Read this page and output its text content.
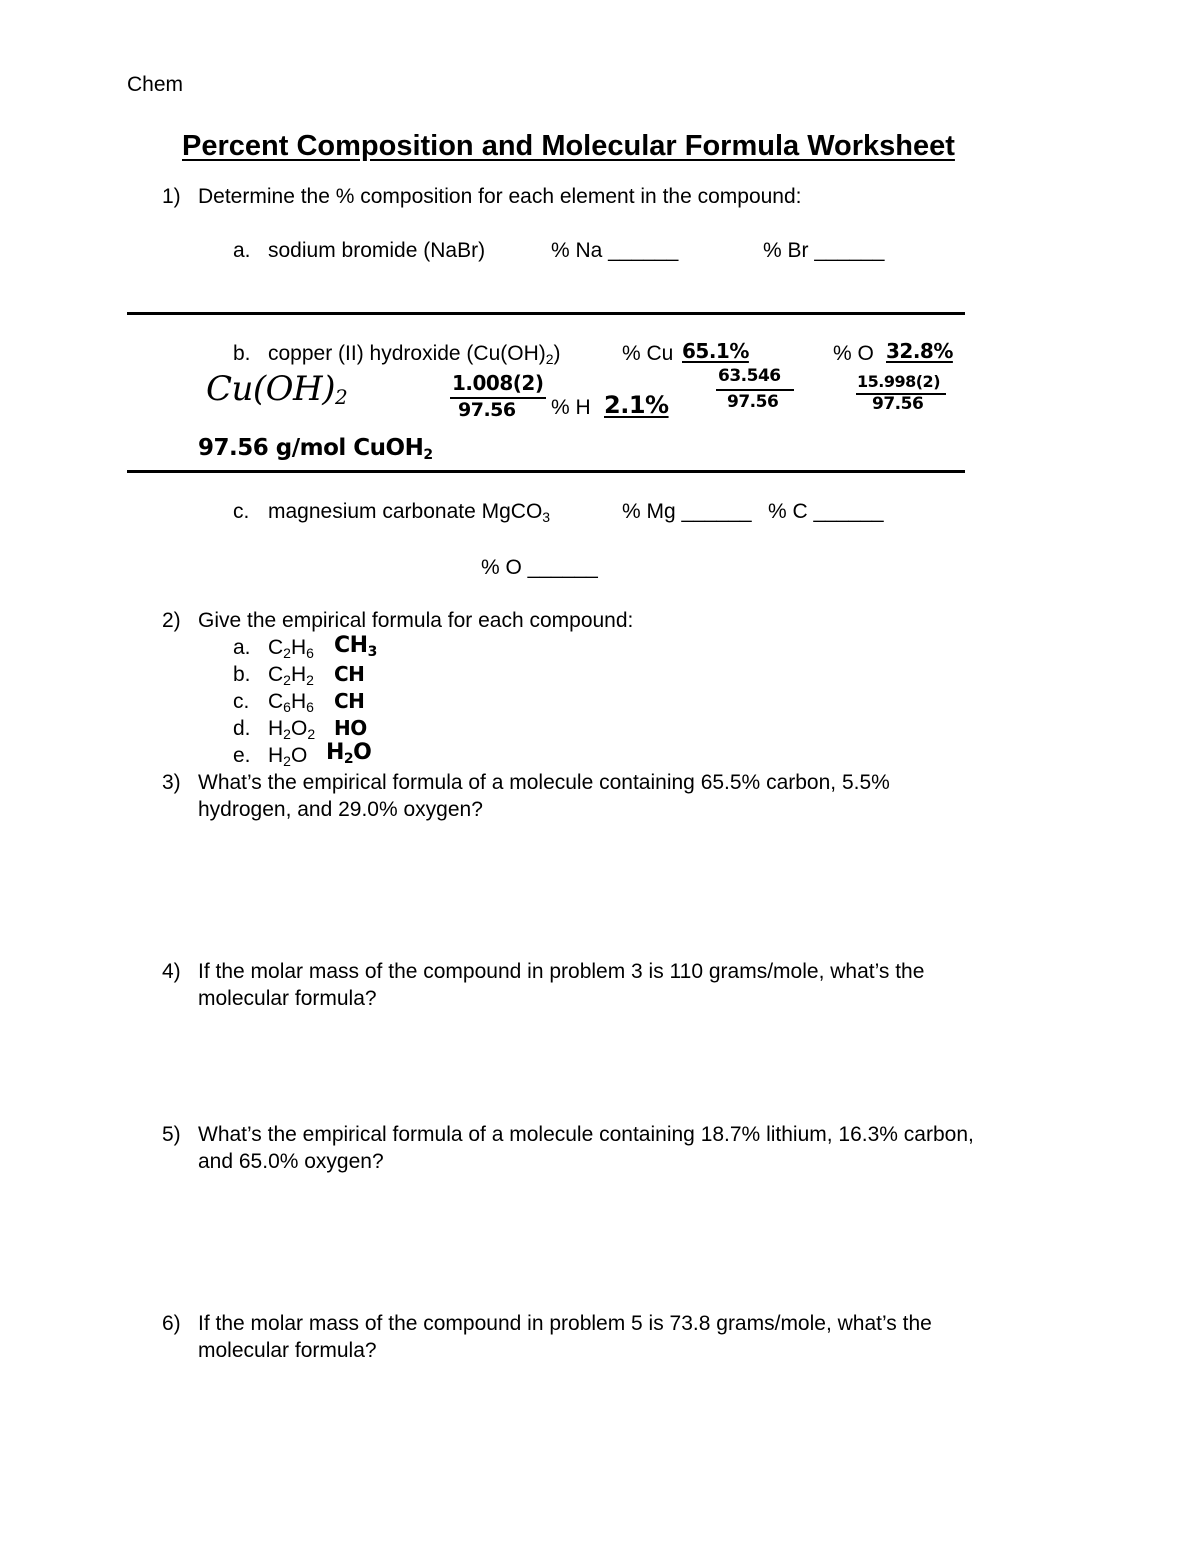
Chem
Percent Composition and Molecular Formula Worksheet
1) Determine the % composition for each element in the compound:
a. sodium bromide (NaBr)	% Na ______	% Br ______
b. copper (II) hydroxide $(Cu(OH)_2)$	% Cu 65.1%	% O 32.8%
$Cu(OH)_2$
1.008(2)
97.56 % H 2.1%
63.546
97.56
15.998(2)
97.56
97.56 g/mol CuOH$_2$
c. magnesium carbonate MgCO$_3$	% Mg ______ % C ______
% O ______
2) Give the empirical formula for each compound:
a. $C_2H_6$ $CH_3$
b. $C_2H_2$ CH
c. $C_6H_6$ CH
d. $H_2O_2$ HO
e. $H_2O$ $H_2O$
3) What’s the empirical formula of a molecule containing 65.5% carbon, 5.5%
hydrogen, and 29.0% oxygen?
4) If the molar mass of the compound in problem 3 is 110 grams/mole, what’s the
molecular formula?
5) What’s the empirical formula of a molecule containing 18.7% lithium, 16.3% carbon,
and 65.0% oxygen?
6) If the molar mass of the compound in problem 5 is 73.8 grams/mole, what’s the
molecular formula?
